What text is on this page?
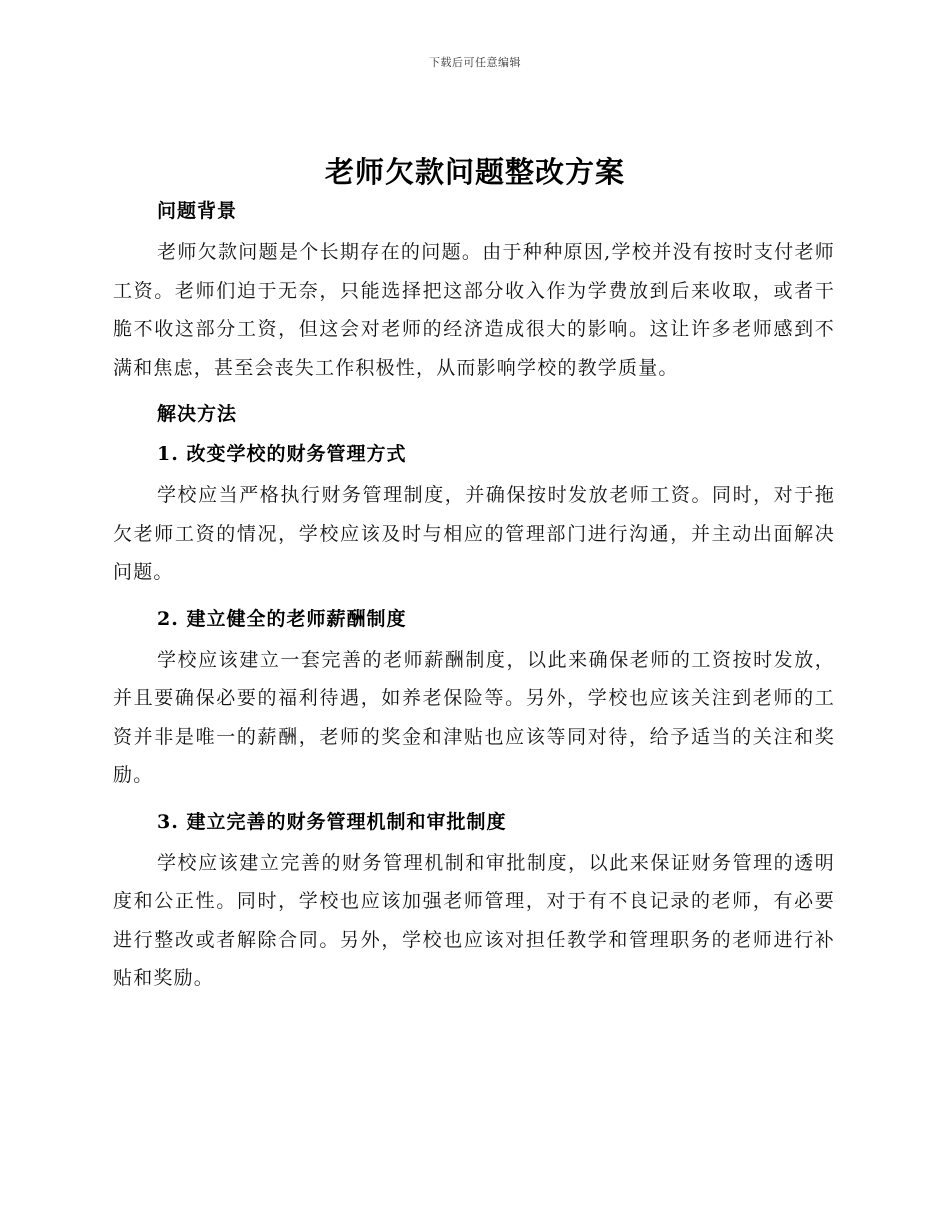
下载后可任意编辑
老师欠款问题整改方案
问题背景

老师欠款问题是个长期存在的问题。由于种种原因,学校并没有按时支付老师工资。老师们迫于无奈，只能选择把这部分收入作为学费放到后来收取，或者干脆不收这部分工资，但这会对老师的经济造成很大的影响。这让许多老师感到不满和焦虑，甚至会丧失工作积极性，从而影响学校的教学质量。

解决方法
1. 改变学校的财务管理方式

学校应当严格执行财务管理制度，并确保按时发放老师工资。同时，对于拖欠老师工资的情况，学校应该及时与相应的管理部门进行沟通，并主动出面解决问题。

2. 建立健全的老师薪酬制度

学校应该建立一套完善的老师薪酬制度，以此来确保老师的工资按时发放，并且要确保必要的福利待遇，如养老保险等。另外，学校也应该关注到老师的工资并非是唯一的薪酬，老师的奖金和津贴也应该等同对待，给予适当的关注和奖励。

3. 建立完善的财务管理机制和审批制度

学校应该建立完善的财务管理机制和审批制度，以此来保证财务管理的透明度和公正性。同时，学校也应该加强老师管理，对于有不良记录的老师，有必要进行整改或者解除合同。另外，学校也应该对担任教学和管理职务的老师进行补贴和奖励。
